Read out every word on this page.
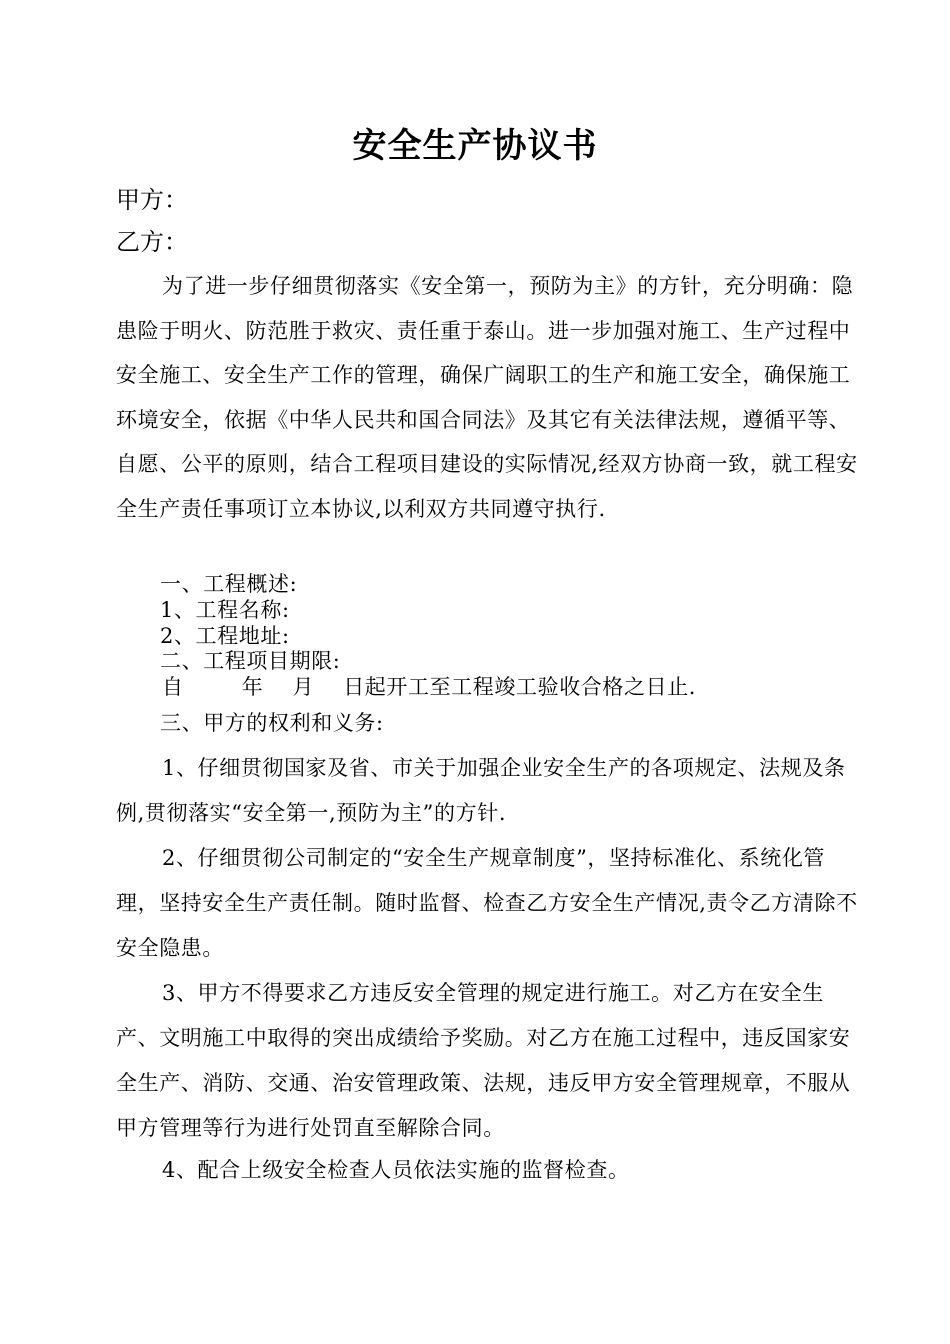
安全生产协议书
甲方：
乙方：

为了进一步仔细贯彻落实《安全第一，预防为主》的方针，充分明确：隐患险于明火、防范胜于救灾、责任重于泰山。进一步加强对施工、生产过程中安全施工、安全生产工作的管理，确保广阔职工的生产和施工安全，确保施工环境安全，依据《中华人民共和国合同法》及其它有关法律法规，遵循平等、自愿、公平的原则，结合工程项目建设的实际情况,经双方协商一致，就工程安全生产责任事项订立本协议,以利双方共同遵守执行.

一、工程概述:
1、工程名称:
2、工程地址:
二、工程项目期限:
自        年    月    日起开工至工程竣工验收合格之日止.
三、甲方的权利和义务:

1、仔细贯彻国家及省、市关于加强企业安全生产的各项规定、法规及条例,贯彻落实“安全第一,预防为主”的方针.

2、仔细贯彻公司制定的“安全生产规章制度”，坚持标准化、系统化管理，坚持安全生产责任制。随时监督、检查乙方安全生产情况,责令乙方清除不安全隐患。

3、甲方不得要求乙方违反安全管理的规定进行施工。对乙方在安全生产、文明施工中取得的突出成绩给予奖励。对乙方在施工过程中，违反国家安全生产、消防、交通、治安管理政策、法规，违反甲方安全管理规章，不服从甲方管理等行为进行处罚直至解除合同。

4、配合上级安全检查人员依法实施的监督检查。
